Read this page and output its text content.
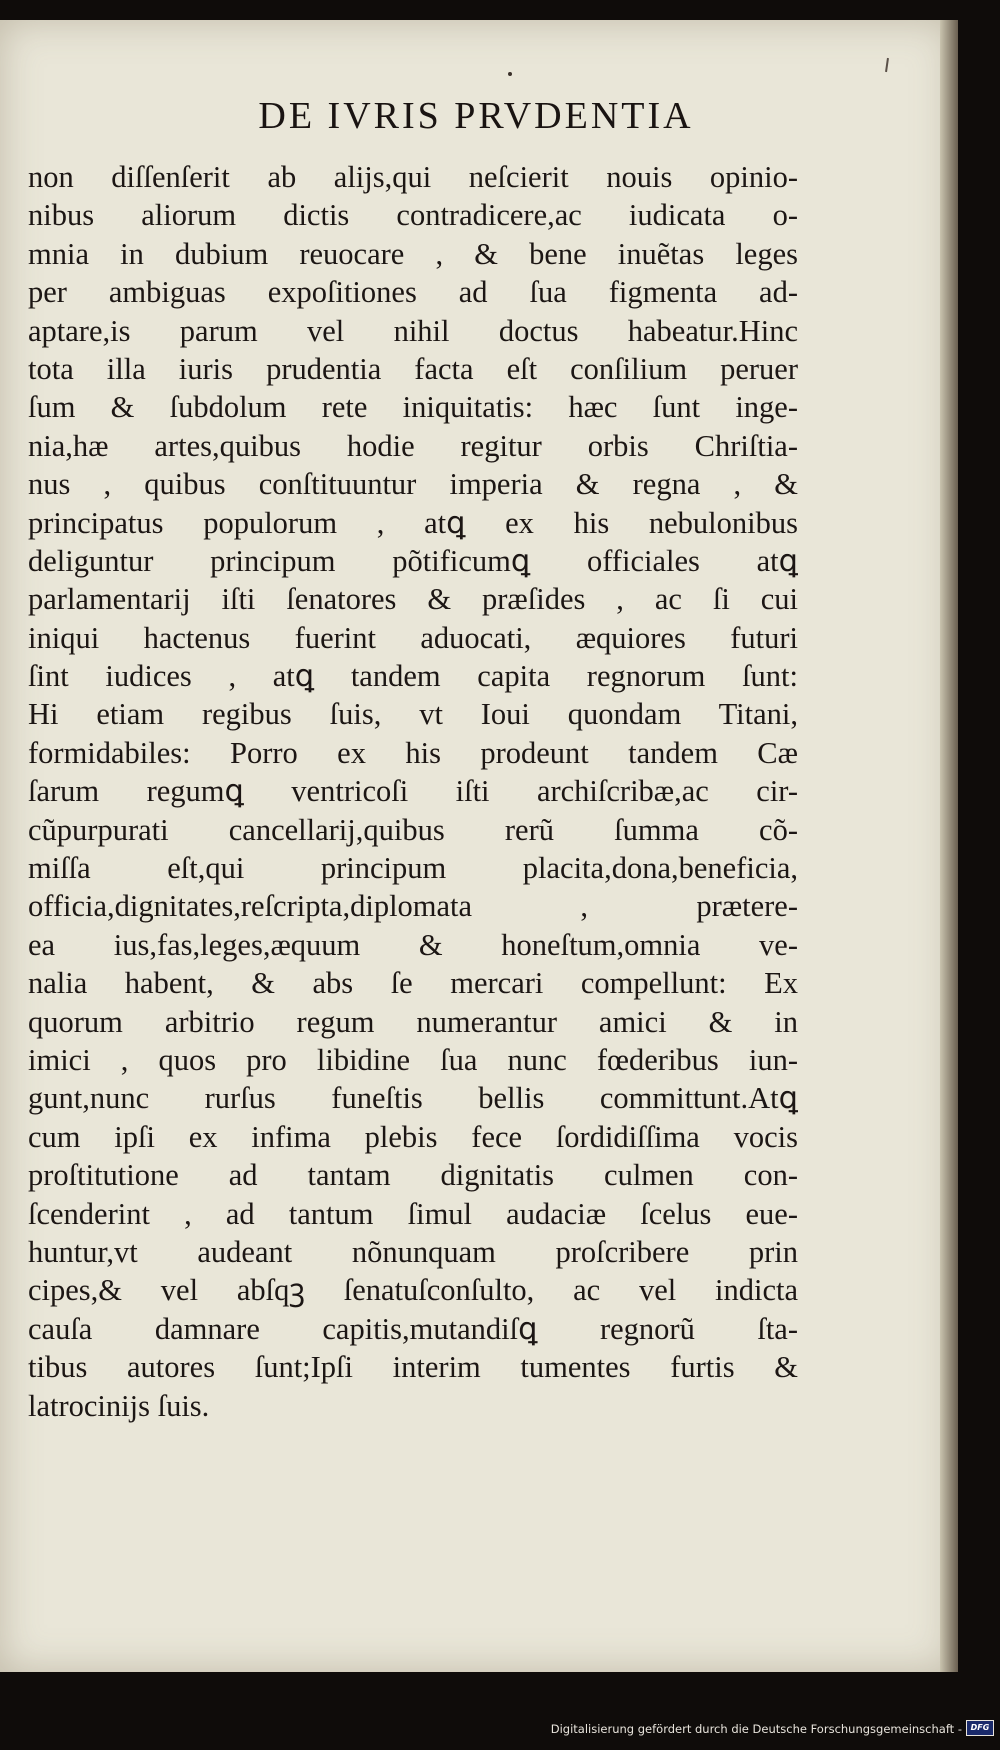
DE IVRIS PRVDENTIA
non diſſenſerit ab alijs,qui neſcierit nouis opinio-
nibus aliorum dictis contradicere,ac iudicata o-
mnia in dubium reuocare , & bene inuẽtas leges
per ambiguas expoſitiones ad ſua figmenta ad-
aptare,is parum vel nihil doctus habeatur.Hinc
tota illa iuris prudentia facta eſt conſilium peruer
ſum & ſubdolum rete iniquitatis: hæc ſunt inge-
nia,hæ artes,quibus hodie regitur orbis Chriſtia-
nus , quibus conſtituuntur imperia & regna , &
principatus populorum , atꝗ ex his nebulonibus
deliguntur principum põtificumꝗ officiales atꝗ
parlamentarij iſti ſenatores & præſides , ac ſi cui
iniqui hactenus fuerint aduocati, æquiores futuri
ſint iudices , atꝗ tandem capita regnorum ſunt:
Hi etiam regibus ſuis, vt Ioui quondam Titani,
formidabiles: Porro ex his prodeunt tandem Cæ
ſarum regumꝗ ventricoſi iſti archiſcribæ,ac cir-
cũpurpurati cancellarij,quibus rerũ ſumma cõ-
miſſa eſt,qui principum placita,dona,beneficia,
officia,dignitates,reſcripta,diplomata , prætere-
ea ius,fas,leges,æquum & honeſtum,omnia ve-
nalia habent, & abs ſe mercari compellunt: Ex
quorum arbitrio regum numerantur amici & in
imici , quos pro libidine ſua nunc fœderibus iun-
gunt,nunc rurſus funeſtis bellis committunt.Atꝗ
cum ipſi ex infima plebis fece ſordidiſſima vocis
proſtitutione ad tantam dignitatis culmen con-
ſcenderint , ad tantum ſimul audaciæ ſcelus eue-
huntur,vt audeant nõnunquam proſcribere prin
cipes,& vel abſqꝫ ſenatuſconſulto, ac vel indicta
cauſa damnare capitis,mutandiſꝗ regnorũ ſta-
tibus autores ſunt;Ipſi interim tumentes furtis &
latrocinijs ſuis.
Digitalisierung gefördert durch die Deutsche Forschungsgemeinschaft -	DFG
